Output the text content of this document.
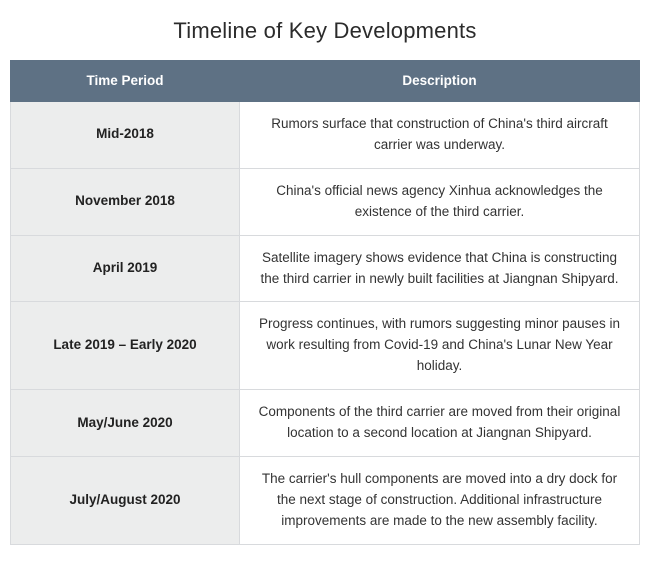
Timeline of Key Developments
Time Period	Description
Mid-2018	Rumors surface that construction of China's third aircraft carrier was underway.
November 2018	China's official news agency Xinhua acknowledges the existence of the third carrier.
April 2019	Satellite imagery shows evidence that China is constructing the third carrier in newly built facilities at Jiangnan Shipyard.
Late 2019 – Early 2020	Progress continues, with rumors suggesting minor pauses in work resulting from Covid-19 and China's Lunar New Year holiday.
May/June 2020	Components of the third carrier are moved from their original location to a second location at Jiangnan Shipyard.
July/August 2020	The carrier's hull components are moved into a dry dock for the next stage of construction. Additional infrastructure improvements are made to the new assembly facility.
